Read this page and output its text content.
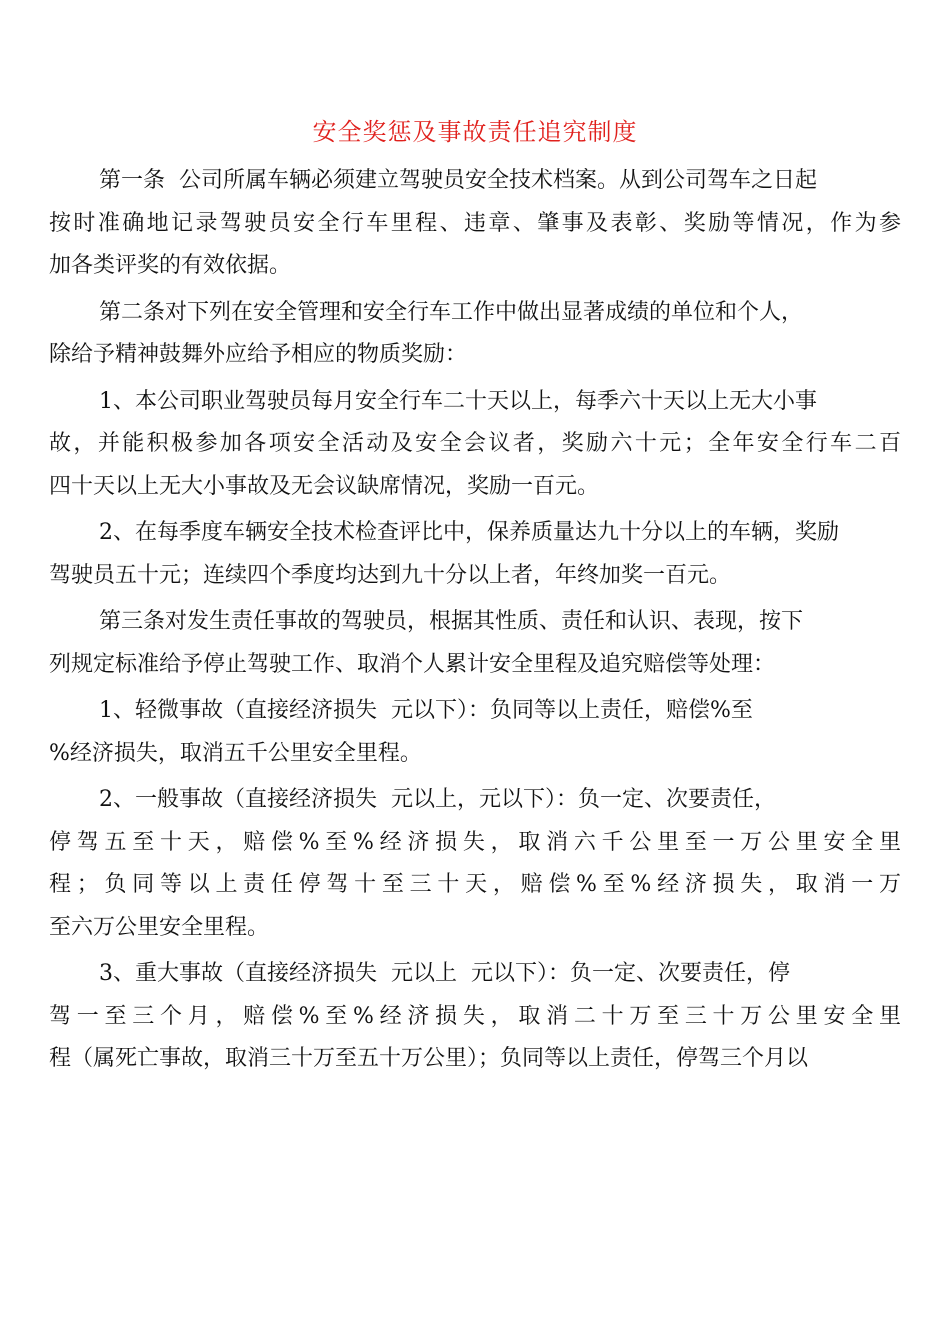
安全奖惩及事故责任追究制度
第一条  公司所属车辆必须建立驾驶员安全技术档案。从到公司驾车之日起
按时准确地记录驾驶员安全行车里程、违章、肇事及表彰、奖励等情况，作为参
加各类评奖的有效依据。
第二条对下列在安全管理和安全行车工作中做出显著成绩的单位和个人，
除给予精神鼓舞外应给予相应的物质奖励：
1、本公司职业驾驶员每月安全行车二十天以上，每季六十天以上无大小事
故，并能积极参加各项安全活动及安全会议者，奖励六十元；全年安全行车二百
四十天以上无大小事故及无会议缺席情况，奖励一百元。
2、在每季度车辆安全技术检查评比中，保养质量达九十分以上的车辆，奖励
驾驶员五十元；连续四个季度均达到九十分以上者，年终加奖一百元。
第三条对发生责任事故的驾驶员，根据其性质、责任和认识、表现，按下
列规定标准给予停止驾驶工作、取消个人累计安全里程及追究赔偿等处理：
1、轻微事故（直接经济损失  元以下）：负同等以上责任，赔偿%至
%经济损失，取消五千公里安全里程。
2、一般事故（直接经济损失  元以上，元以下）：负一定、次要责任，
停驾五至十天，赔偿%至%经济损失，取消六千公里至一万公里安全里
程；负同等以上责任停驾十至三十天，赔偿%至%经济损失，取消一万
至六万公里安全里程。
3、重大事故（直接经济损失  元以上  元以下）：负一定、次要责任，停
驾一至三个月，赔偿%至%经济损失，取消二十万至三十万公里安全里
程（属死亡事故，取消三十万至五十万公里）；负同等以上责任，停驾三个月以
